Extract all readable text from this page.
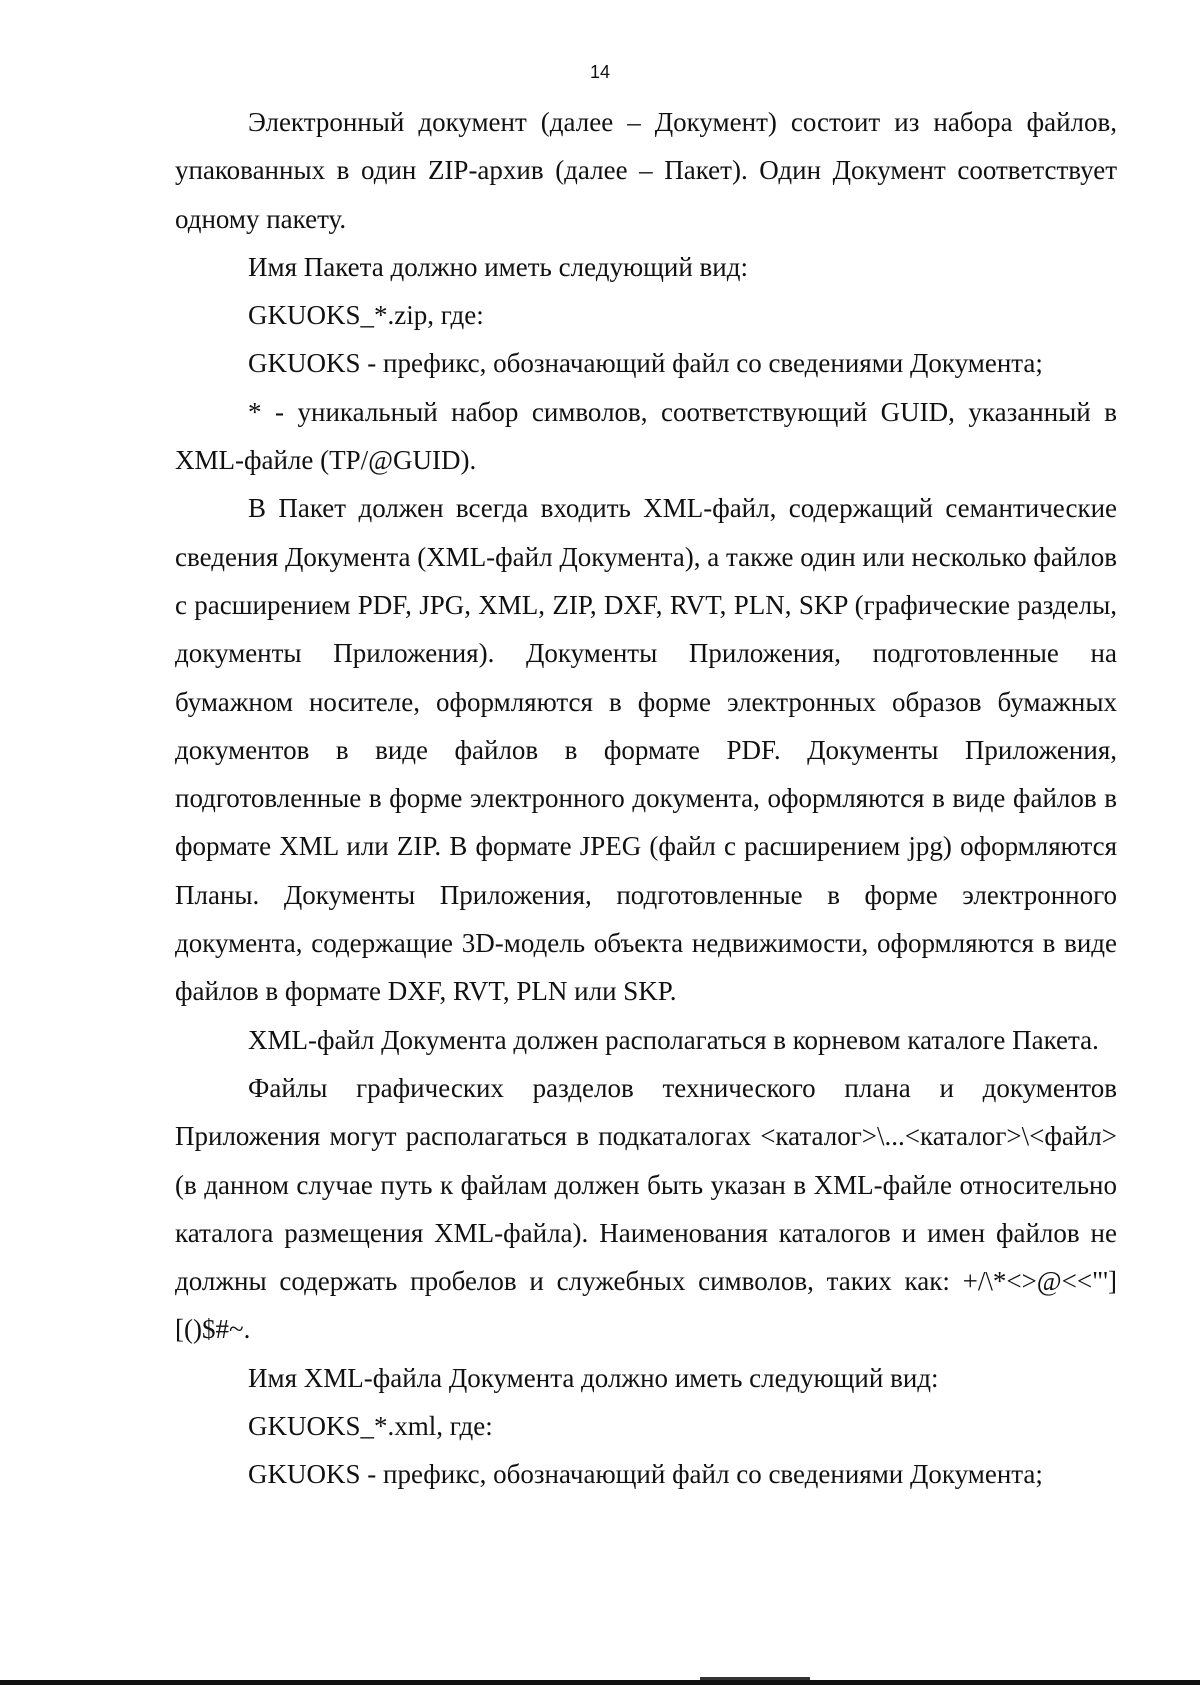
14

Электронный документ (далее – Документ) состоит из набора файлов, упакованных в один ZIP-архив (далее – Пакет). Один Документ соответствует одному пакету.

Имя Пакета должно иметь следующий вид:

GKUOKS_*.zip, где:

GKUOKS - префикс, обозначающий файл со сведениями Документа;

* - уникальный набор символов, соответствующий GUID, указанный в XML-файле (TP/@GUID).

В Пакет должен всегда входить XML-файл, содержащий семантические сведения Документа (XML-файл Документа), а также один или несколько файлов с расширением PDF, JPG, XML, ZIP, DXF, RVT, PLN, SKP (графические разделы, документы Приложения). Документы Приложения, подготовленные на бумажном носителе, оформляются в форме электронных образов бумажных документов в виде файлов в формате PDF. Документы Приложения, подготовленные в форме электронного документа, оформляются в виде файлов в формате XML или ZIP. В формате JPEG (файл с расширением jpg) оформляются Планы. Документы Приложения, подготовленные в форме электронного документа, содержащие 3D-модель объекта недвижимости, оформляются в виде файлов в формате DXF, RVT, PLN или SKP.

XML-файл Документа должен располагаться в корневом каталоге Пакета.

Файлы графических разделов технического плана и документов Приложения могут располагаться в подкаталогах <каталог>\...<каталог>\<файл> (в данном случае путь к файлам должен быть указан в XML-файле относительно каталога размещения XML-файла). Наименования каталогов и имен файлов не должны содержать пробелов и служебных символов, таких как: +/\*<>@<<"'][()$#~.

Имя XML-файла Документа должно иметь следующий вид:

GKUOKS_*.xml, где:

GKUOKS - префикс, обозначающий файл со сведениями Документа;
